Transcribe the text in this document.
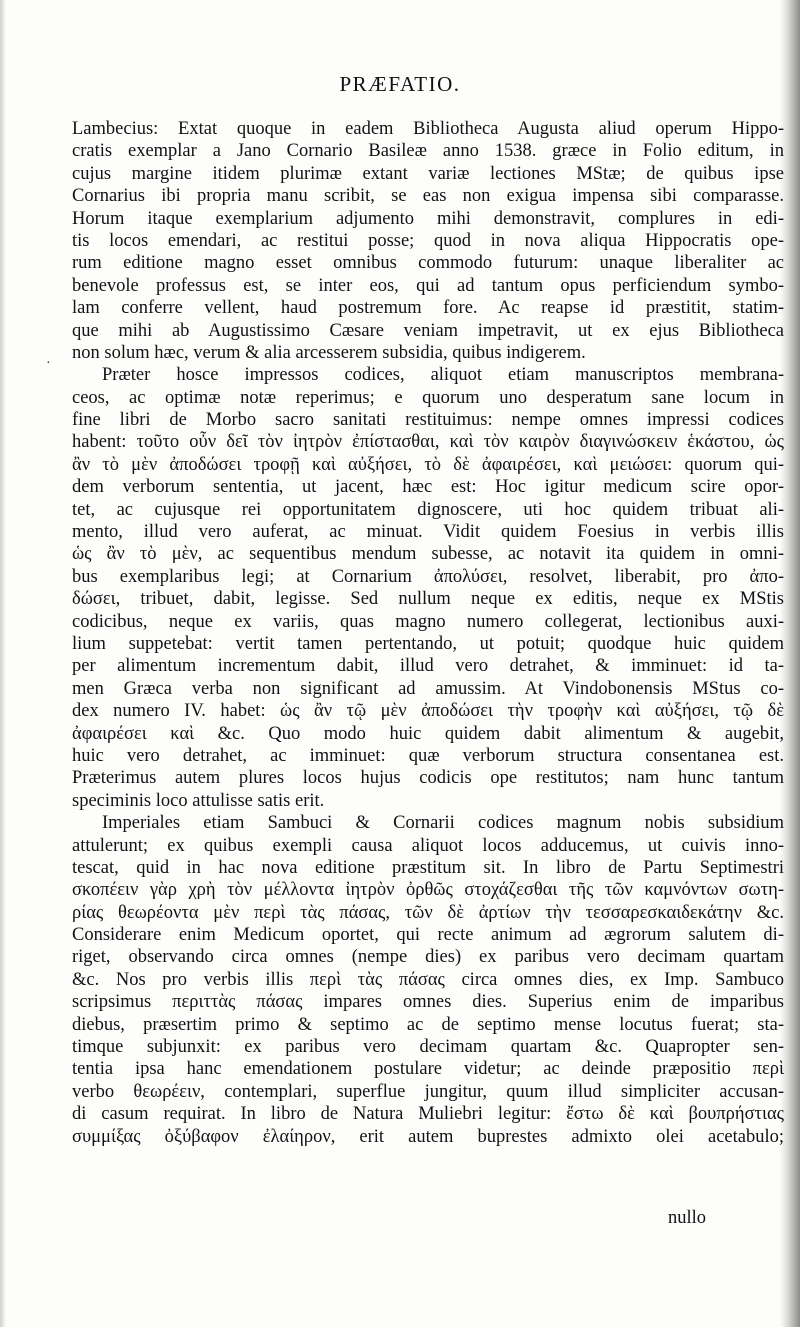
PRÆFATIO.
·
Lambecius: Extat quoque in eadem Bibliotheca Augusta aliud operum Hippo-
cratis exemplar a Jano Cornario Basileæ anno 1538. græce in Folio editum, in
cujus margine itidem plurimæ extant variæ lectiones MStæ; de quibus ipse
Cornarius ibi propria manu scribit, se eas non exigua impensa sibi comparasse.
Horum itaque exemplarium adjumento mihi demonstravit, complures in edi-
tis locos emendari, ac restitui posse; quod in nova aliqua Hippocratis ope-
rum editione magno esset omnibus commodo futurum: unaque liberaliter ac
benevole professus est, se inter eos, qui ad tantum opus perficiendum symbo-
lam conferre vellent, haud postremum fore. Ac reapse id præstitit, statim-
que mihi ab Augustissimo Cæsare veniam impetravit, ut ex ejus Bibliotheca
non solum hæc, verum & alia arcesserem subsidia, quibus indigerem.
Præter hosce impressos codices, aliquot etiam manuscriptos membrana-
ceos, ac optimæ notæ reperimus; e quorum uno desperatum sane locum in
fine libri de Morbo sacro sanitati restituimus: nempe omnes impressi codices
habent: τοῦτο οὖν δεῖ τὸν ἰητρὸν ἐπίστασθαι, καὶ τὸν καιρὸν διαγινώσκειν ἑκάστου, ὡς
ἂν τὸ μὲν ἀποδώσει τροφῇ καὶ αὐξήσει, τὸ δὲ ἀφαιρέσει, καὶ μειώσει: quorum qui-
dem verborum sententia, ut jacent, hæc est: Hoc igitur medicum scire opor-
tet, ac cujusque rei opportunitatem dignoscere, uti hoc quidem tribuat ali-
mento, illud vero auferat, ac minuat. Vidit quidem Foesius in verbis illis
ὡς ἂν τὸ μὲν, ac sequentibus mendum subesse, ac notavit ita quidem in omni-
bus exemplaribus legi; at Cornarium ἀπολύσει, resolvet, liberabit, pro ἀπο-
δώσει, tribuet, dabit, legisse. Sed nullum neque ex editis, neque ex MStis
codicibus, neque ex variis, quas magno numero collegerat, lectionibus auxi-
lium suppetebat: vertit tamen pertentando, ut potuit; quodque huic quidem
per alimentum incrementum dabit, illud vero detrahet, & imminuet: id ta-
men Græca verba non significant ad amussim. At Vindobonensis MStus co-
dex numero IV. habet: ὡς ἂν τῷ μὲν ἀποδώσει τὴν τροφὴν καὶ αὐξήσει, τῷ δὲ
ἀφαιρέσει καὶ &c. Quo modo huic quidem dabit alimentum & augebit,
huic vero detrahet, ac imminuet: quæ verborum structura consentanea est.
Præterimus autem plures locos hujus codicis ope restitutos; nam hunc tantum
speciminis loco attulisse satis erit.
Imperiales etiam Sambuci & Cornarii codices magnum nobis subsidium
attulerunt; ex quibus exempli causa aliquot locos adducemus, ut cuivis inno-
tescat, quid in hac nova editione præstitum sit. In libro de Partu Septimestri
σκοπέειν γὰρ χρὴ τὸν μέλλοντα ἰητρὸν ὀρθῶς στοχάζεσθαι τῆς τῶν καμνόντων σωτη-
ρίας θεωρέοντα μὲν περὶ τὰς πάσας, τῶν δὲ ἀρτίων τὴν τεσσαρεσκαιδεκάτην &c.
Considerare enim Medicum oportet, qui recte animum ad ægrorum salutem di-
riget, observando circa omnes (nempe dies) ex paribus vero decimam quartam
&c. Nos pro verbis illis περὶ τὰς πάσας circa omnes dies, ex Imp. Sambuco
scripsimus περιττὰς πάσας impares omnes dies. Superius enim de imparibus
diebus, præsertim primo & septimo ac de septimo mense locutus fuerat; sta-
timque subjunxit: ex paribus vero decimam quartam &c. Quapropter sen-
tentia ipsa hanc emendationem postulare videtur; ac deinde præpositio περὶ
verbo θεωρέειν, contemplari, superflue jungitur, quum illud simpliciter accusan-
di casum requirat. In libro de Natura Muliebri legitur: ἔστω δὲ καὶ βουπρήστιας
συμμίξας ὀξύβαφον ἐλαίηρον, erit autem buprestes admixto olei acetabulo;
nullo
